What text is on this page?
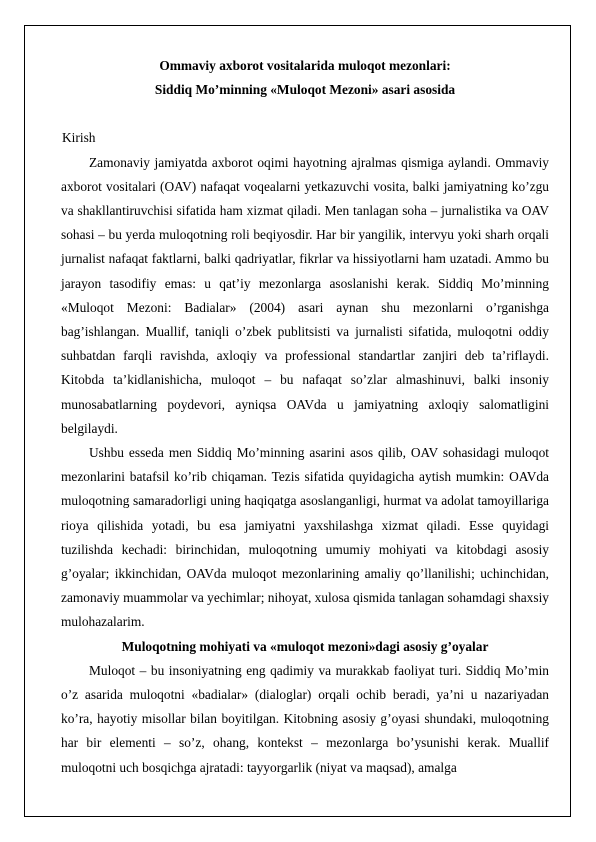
Ommaviy axborot vositalarida muloqot mezonlari:
Siddiq Mo’minning «Muloqot Mezoni» asari asosida
Kirish

Zamonaviy jamiyatda axborot oqimi hayotning ajralmas qismiga aylandi. Ommaviy axborot vositalari (OAV) nafaqat voqealarni yetkazuvchi vosita, balki jamiyatning ko’zgu va shakllantiruvchisi sifatida ham xizmat qiladi. Men tanlagan soha – jurnalistika va OAV sohasi – bu yerda muloqotning roli beqiyosdir. Har bir yangilik, intervyu yoki sharh orqali jurnalist nafaqat faktlarni, balki qadriyatlar, fikrlar va hissiyotlarni ham uzatadi. Ammo bu jarayon tasodifiy emas: u qat’iy mezonlarga asoslanishi kerak. Siddiq Mo’minning «Muloqot Mezoni: Badialar» (2004) asari aynan shu mezonlarni o’rganishga bag’ishlangan. Muallif, taniqli o’zbek publitsisti va jurnalisti sifatida, muloqotni oddiy suhbatdan farqli ravishda, axloqiy va professional standartlar zanjiri deb ta’riflaydi. Kitobda ta’kidlanishicha, muloqot – bu nafaqat so’zlar almashinuvi, balki insoniy munosabatlarning poydevori, ayniqsa OAVda u jamiyatning axloqiy salomatligini belgilaydi.

Ushbu esseda men Siddiq Mo’minning asarini asos qilib, OAV sohasidagi muloqot mezonlarini batafsil ko’rib chiqaman. Tezis sifatida quyidagicha aytish mumkin: OAVda muloqotning samaradorligi uning haqiqatga asoslanganligi, hurmat va adolat tamoyillariga rioya qilishida yotadi, bu esa jamiyatni yaxshilashga xizmat qiladi. Esse quyidagi tuzilishda kechadi: birinchidan, muloqotning umumiy mohiyati va kitobdagi asosiy g’oyalar; ikkinchidan, OAVda muloqot mezonlarining amaliy qo’llanilishi; uchinchidan, zamonaviy muammolar va yechimlar; nihoyat, xulosa qismida tanlagan sohamdagi shaxsiy mulohazalarim.

Muloqotning mohiyati va «muloqot mezoni»dagi asosiy g’oyalar

Muloqot – bu insoniyatning eng qadimiy va murakkab faoliyat turi. Siddiq Mo’min o’z asarida muloqotni «badialar» (dialoglar) orqali ochib beradi, ya’ni u nazariyadan ko’ra, hayotiy misollar bilan boyitilgan. Kitobning asosiy g’oyasi shundaki, muloqotning har bir elementi – so’z, ohang, kontekst – mezonlarga bo’ysunishi kerak. Muallif muloqotni uch bosqichga ajratadi: tayyorgarlik (niyat va maqsad), amalga
